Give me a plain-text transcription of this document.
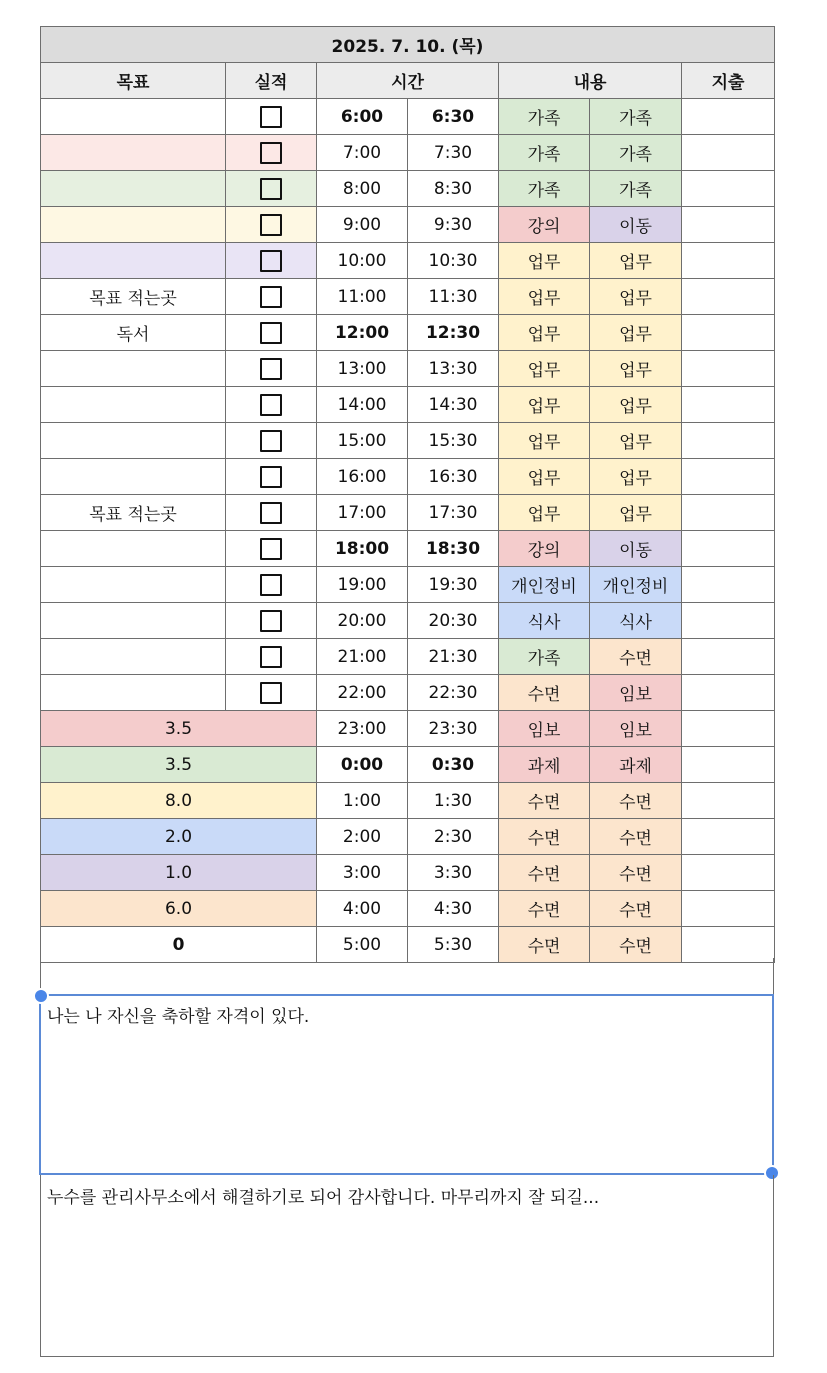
2025. 7. 10. (목)						
목표	실적	시간		내용		지출
		6:00	6:30	가족	가족	
		7:00	7:30	가족	가족	
		8:00	8:30	가족	가족	
		9:00	9:30	강의	이동	
		10:00	10:30	업무	업무	
목표 적는곳		11:00	11:30	업무	업무	
독서		12:00	12:30	업무	업무	
		13:00	13:30	업무	업무	
		14:00	14:30	업무	업무	
		15:00	15:30	업무	업무	
		16:00	16:30	업무	업무	
목표 적는곳		17:00	17:30	업무	업무	
		18:00	18:30	강의	이동	
		19:00	19:30	개인정비	개인정비	
		20:00	20:30	식사	식사	
		21:00	21:30	가족	수면	
		22:00	22:30	수면	임보	
3.5		23:00	23:30	임보	임보	
3.5		0:00	0:30	과제	과제	
8.0		1:00	1:30	수면	수면	
2.0		2:00	2:30	수면	수면	
1.0		3:00	3:30	수면	수면	
6.0		4:00	4:30	수면	수면	
0		5:00	5:30	수면	수면	
나는 나 자신을 축하할 자격이 있다.
누수를 관리사무소에서 해결하기로 되어 감사합니다. 마무리까지 잘 되길...
